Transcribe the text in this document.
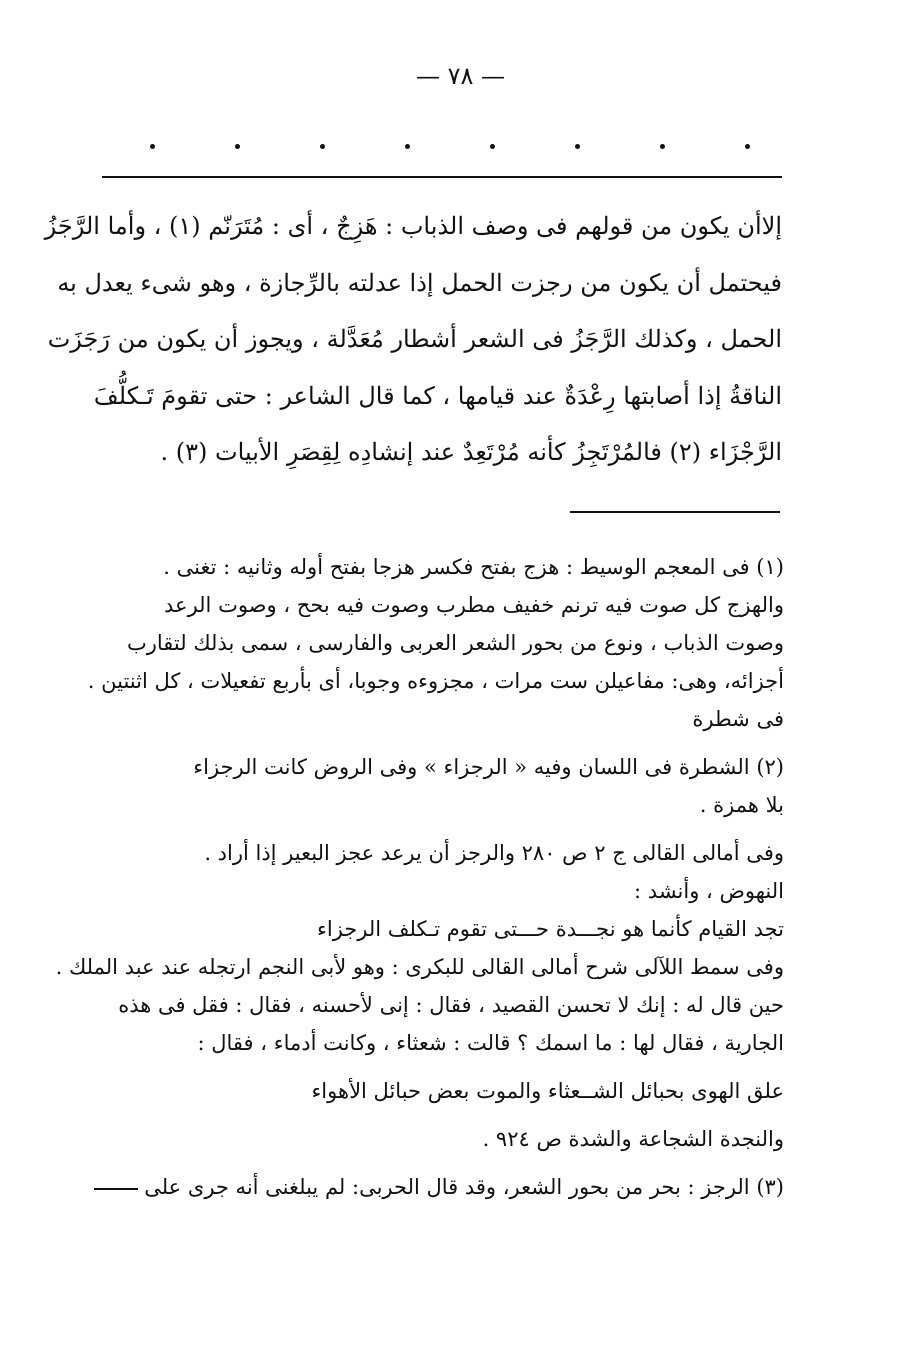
— ٧٨ —
إلاأن يكون من قولهم فى وصف الذباب : هَزِجٌ ، أى : مُتَرَنّم (١) ، وأما الرَّجَزُ
فيحتمل أن يكون من رجزت الحمل إذا عدلته بالرِّجازة ، وهو شىء يعدل به
الحمل ، وكذلك الرَّجَزُ فى الشعر أشطار مُعَدَّلة ، ويجوز أن يكون من رَجَزَت
الناقةُ إذا أصابتها رِعْدَةٌ عند قيامها ، كما قال الشاعر : حتى تقومَ تَـكلُّفَ
الرَّجْزَاء (٢) فالمُرْتَجِزُ كأنه مُرْتَعِدٌ عند إنشادِه لِقِصَرِ الأبيات (٣) .
(١) فى المعجم الوسيط : هزج بفتح فكسر هزجا بفتح أوله وثانيه : تغنى .
والهزج كل صوت فيه ترنم خفيف مطرب وصوت فيه بحح ، وصوت الرعد
وصوت الذباب ، ونوع من بحور الشعر العربى والفارسى ، سمى بذلك لتقارب
أجزائه، وهى: مفاعيلن ست مرات ، مجزوءه وجوبا، أى بأربع تفعيلات ، كل اثنتين .
فى شطرة
(٢) الشطرة فى اللسان وفيه « الرجزاء » وفى الروض كانت الرجزاء
بلا همزة .
وفى أمالى القالى ج ٢ ص ٢٨٠ والرجز أن يرعد عجز البعير إذا أراد .
النهوض ، وأنشد :
تجد القيام كأنما هو نجـــدة حـــتى تقوم تـكلف الرجزاء
وفى سمط اللآلى شرح أمالى القالى للبكرى : وهو لأبى النجم ارتجله عند عبد الملك .
حين قال له : إنك لا تحسن القصيد ، فقال : إنى لأحسنه ، فقال : فقل فى هذه
الجارية ، فقال لها : ما اسمك ؟ قالت : شعثاء ، وكانت أدماء ، فقال :
علق الهوى بحبائل الشــعثاء والموت بعض حبائل الأهواء
والنجدة الشجاعة والشدة ص ٩٢٤ .
(٣) الرجز : بحر من بحور الشعر، وقد قال الحربى: لم يبلغنى أنه جرى على
